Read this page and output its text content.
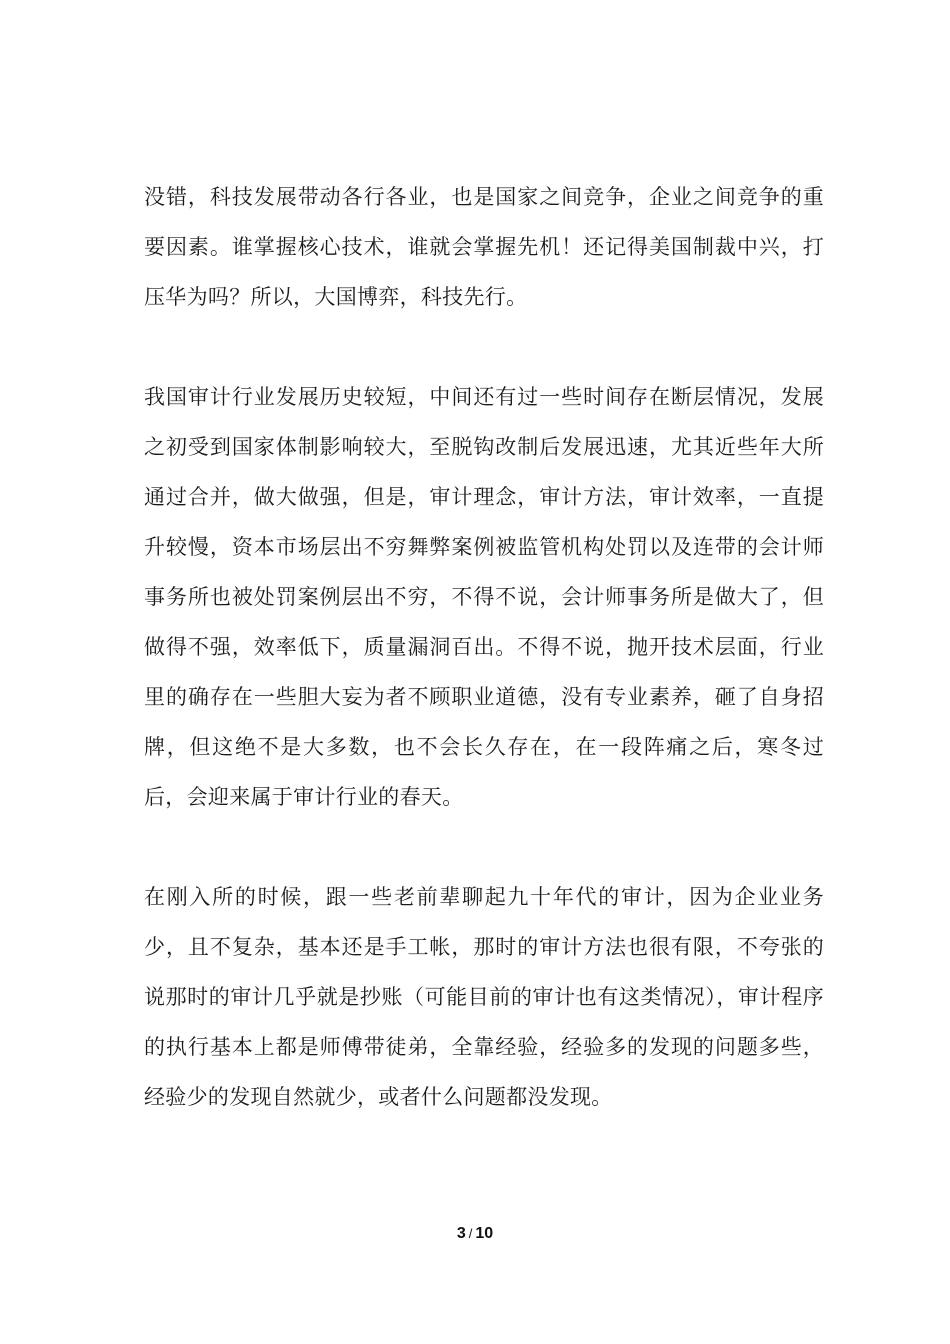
没错，科技发展带动各行各业，也是国家之间竞争，企业之间竞争的重要因素。谁掌握核心技术，谁就会掌握先机！还记得美国制裁中兴，打压华为吗？所以，大国博弈，科技先行。

我国审计行业发展历史较短，中间还有过一些时间存在断层情况，发展之初受到国家体制影响较大，至脱钩改制后发展迅速，尤其近些年大所通过合并，做大做强，但是，审计理念，审计方法，审计效率，一直提升较慢，资本市场层出不穷舞弊案例被监管机构处罚以及连带的会计师事务所也被处罚案例层出不穷，不得不说，会计师事务所是做大了，但做得不强，效率低下，质量漏洞百出。不得不说，抛开技术层面，行业里的确存在一些胆大妄为者不顾职业道德，没有专业素养，砸了自身招牌，但这绝不是大多数，也不会长久存在，在一段阵痛之后，寒冬过后，会迎来属于审计行业的春天。

在刚入所的时候，跟一些老前辈聊起九十年代的审计，因为企业业务少，且不复杂，基本还是手工帐，那时的审计方法也很有限，不夸张的说那时的审计几乎就是抄账（可能目前的审计也有这类情况），审计程序的执行基本上都是师傅带徒弟，全靠经验，经验多的发现的问题多些，经验少的发现自然就少，或者什么问题都没发现。

3 / 10
